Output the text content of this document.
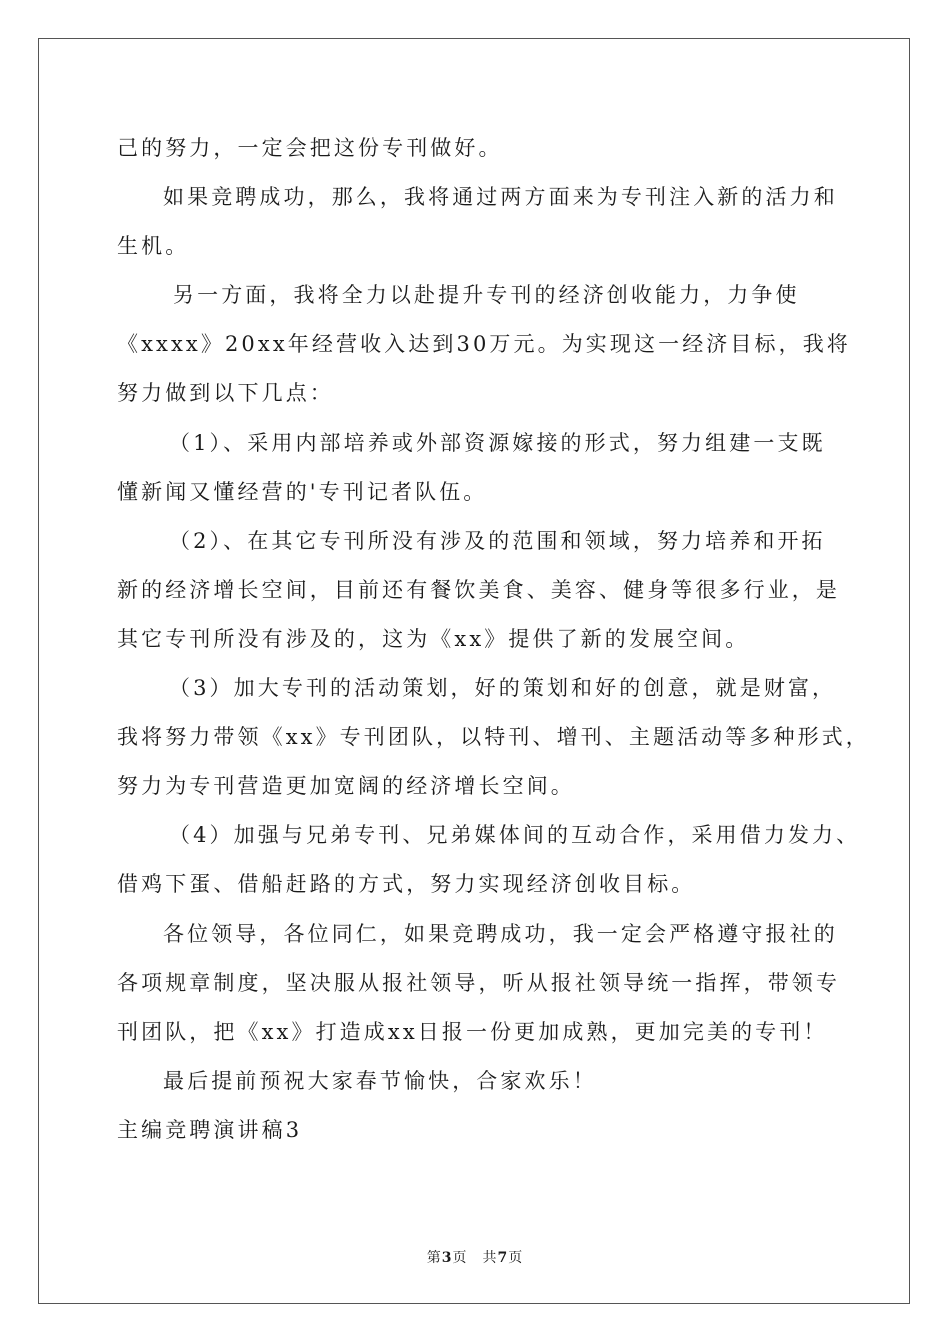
己的努力，一定会把这份专刊做好。
如果竞聘成功，那么，我将通过两方面来为专刊注入新的活力和
生机。
另一方面，我将全力以赴提升专刊的经济创收能力，力争使
《xxxx》20xx年经营收入达到30万元。为实现这一经济目标，我将
努力做到以下几点：
（1）、采用内部培养或外部资源嫁接的形式，努力组建一支既
懂新闻又懂经营的'专刊记者队伍。
（2）、在其它专刊所没有涉及的范围和领域，努力培养和开拓
新的经济增长空间，目前还有餐饮美食、美容、健身等很多行业，是
其它专刊所没有涉及的，这为《xx》提供了新的发展空间。
（3）加大专刊的活动策划，好的策划和好的创意，就是财富，
我将努力带领《xx》专刊团队，以特刊、增刊、主题活动等多种形式，
努力为专刊营造更加宽阔的经济增长空间。
（4）加强与兄弟专刊、兄弟媒体间的互动合作，采用借力发力、
借鸡下蛋、借船赶路的方式，努力实现经济创收目标。
各位领导，各位同仁，如果竞聘成功，我一定会严格遵守报社的
各项规章制度，坚决服从报社领导，听从报社领导统一指挥，带领专
刊团队，把《xx》打造成xx日报一份更加成熟，更加完美的专刊！
最后提前预祝大家春节愉快，合家欢乐！
主编竞聘演讲稿3
第3页　共7页
